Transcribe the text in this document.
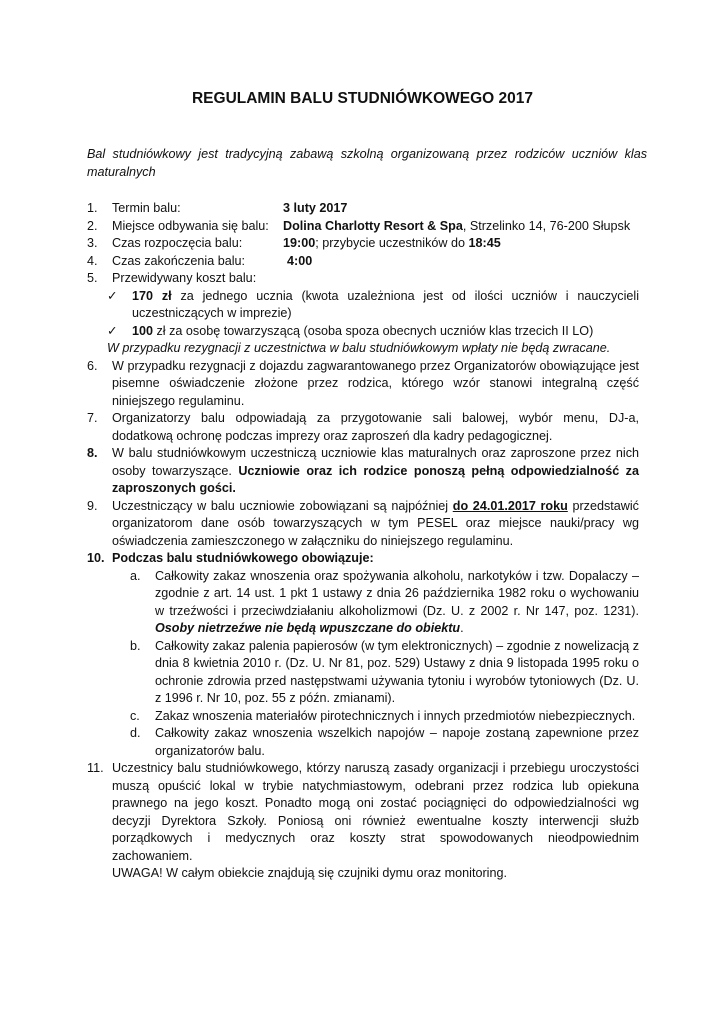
REGULAMIN BALU STUDNIÓWKOWEGO 2017
Bal studniówkowy jest tradycyjną zabawą szkolną organizowaną przez rodziców uczniów klas maturalnych
1.	Termin balu:	3 luty 2017
2.	Miejsce odbywania się balu:	Dolina Charlotty Resort & Spa, Strzelinko 14, 76-200 Słupsk
3.	Czas rozpoczęcia balu:	19:00; przybycie uczestników do 18:45
4.	Czas zakończenia balu:	4:00
5.	Przewidywany koszt balu:
✓ 170 zł za jednego ucznia (kwota uzależniona jest od ilości uczniów i nauczycieli uczestniczących w imprezie)
✓ 100 zł za osobę towarzyszącą (osoba spoza obecnych uczniów klas trzecich II LO)
W przypadku rezygnacji z uczestnictwa w balu studniówkowym wpłaty nie będą zwracane.
6.	W przypadku rezygnacji z dojazdu zagwarantowanego przez Organizatorów obowiązujące jest pisemne oświadczenie złożone przez rodzica, którego wzór stanowi integralną część niniejszego regulaminu.
7.	Organizatorzy balu odpowiadają za przygotowanie sali balowej, wybór menu, DJ-a, dodatkową ochronę podczas imprezy oraz zaproszeń dla kadry pedagogicznej.
8.	W balu studniówkowym uczestniczą uczniowie klas maturalnych oraz zaproszone przez nich osoby towarzyszące. Uczniowie oraz ich rodzice ponoszą pełną odpowiedzialność za zaproszonych gości.
9.	Uczestniczący w balu uczniowie zobowiązani są najpóźniej do 24.01.2017 roku przedstawić organizatorom dane osób towarzyszących w tym PESEL oraz miejsce nauki/pracy wg oświadczenia zamieszczonego w załączniku do niniejszego regulaminu.
10. Podczas balu studniówkowego obowiązuje:
a. Całkowity zakaz wnoszenia oraz spożywania alkoholu, narkotyków i tzw. Dopalaczy – zgodnie z art. 14 ust. 1 pkt 1 ustawy z dnia 26 października 1982 roku o wychowaniu w trzeźwości i przeciwdziałaniu alkoholizmowi (Dz. U. z 2002 r. Nr 147, poz. 1231). Osoby nietrzeźwe nie będą wpuszczane do obiektu.
b. Całkowity zakaz palenia papierosów (w tym elektronicznych) – zgodnie z nowelizacją z dnia 8 kwietnia 2010 r. (Dz. U. Nr 81, poz. 529) Ustawy z dnia 9 listopada 1995 roku o ochronie zdrowia przed następstwami używania tytoniu i wyrobów tytoniowych (Dz. U. z 1996 r. Nr 10, poz. 55 z późn. zmianami).
c. Zakaz wnoszenia materiałów pirotechnicznych i innych przedmiotów niebezpiecznych.
d. Całkowity zakaz wnoszenia wszelkich napojów – napoje zostaną zapewnione przez organizatorów balu.
11. Uczestnicy balu studniówkowego, którzy naruszą zasady organizacji i przebiegu uroczystości muszą opuścić lokal w trybie natychmiastowym, odebrani przez rodzica lub opiekuna prawnego na jego koszt. Ponadto mogą oni zostać pociągnięci do odpowiedzialności wg decyzji Dyrektora Szkoły. Poniosą oni również ewentualne koszty interwencji służb porządkowych i medycznych oraz koszty strat spowodowanych nieodpowiednim zachowaniem.
UWAGA! W całym obiekcie znajdują się czujniki dymu oraz monitoring.
